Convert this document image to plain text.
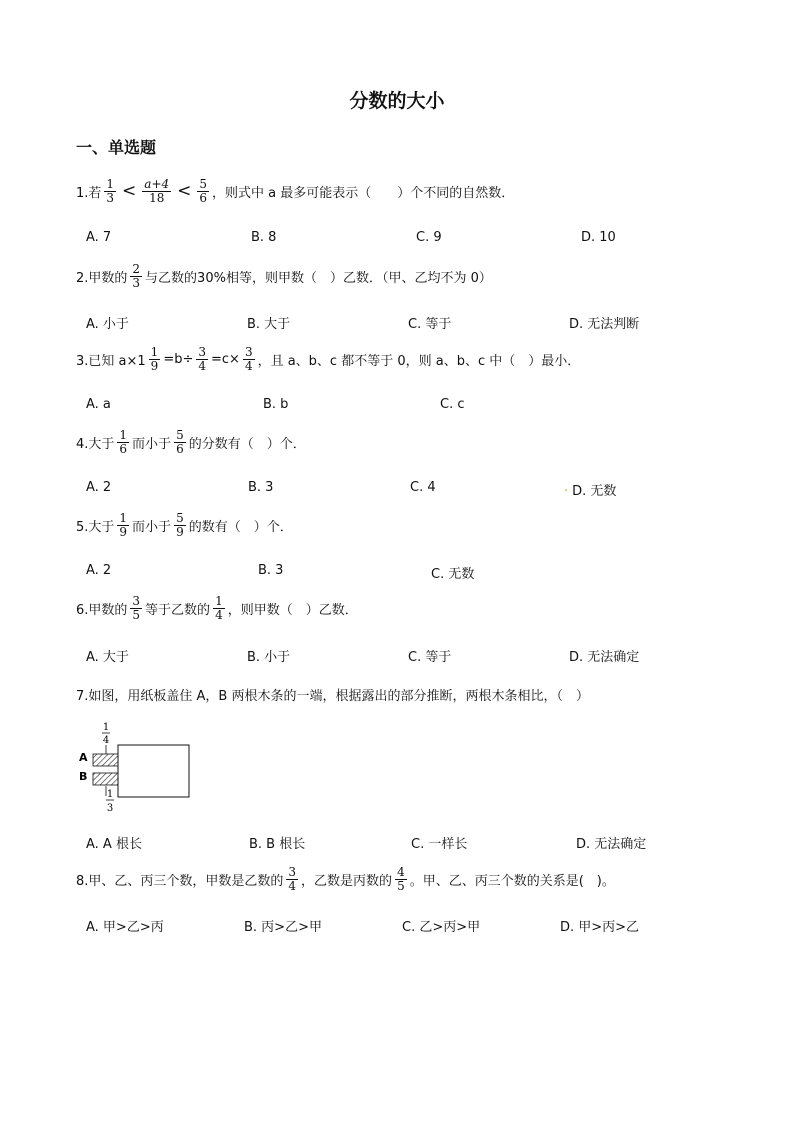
分数的大小
一、单选题
1.若 $\frac{1}{3} < \frac{a+4}{18} < \frac{5}{6}$ ，则式中 a 最多可能表示（　　）个不同的自然数．
A. 7	B. 8	C. 9	D. 10
2.甲数的 $\frac{2}{3}$ 与乙数的30%相等，则甲数（　）乙数．（甲、乙均不为 0）
A. 小于	B. 大于	C. 等于	D. 无法判断
3.已知 $a\times 1 \frac{1}{9} =b\div \frac{3}{4} =c\times \frac{3}{4}$ ，且 a、b、c 都不等于 0，则 a、b、c 中（　）最小．
A. a	B. b	C. c
4.大于 $\frac{1}{6}$ 而小于 $\frac{5}{6}$ 的分数有（　）个．
A. 2	B. 3	C. 4	· D. 无数
5.大于 $\frac{1}{9}$ 而小于 $\frac{5}{9}$ 的数有（　）个．
A. 2	B. 3	C. 无数
6.甲数的 $\frac{3}{5}$ 等于乙数的 $\frac{1}{4}$ ，则甲数（　）乙数．
A. 大于	B. 小于	C. 等于	D. 无法确定
7.如图，用纸板盖住 A，B 两根木条的一端，根据露出的部分推断，两根木条相比，（　）
1
4
A
B
1
3
A. A 根长	B. B 根长	C. 一样长	D. 无法确定
8.甲、乙、丙三个数，甲数是乙数的 $\frac{3}{4}$ ，乙数是丙数的 $\frac{4}{5}$ 。甲、乙、丙三个数的关系是(　)。
A. 甲>乙>丙	B. 丙>乙>甲	C. 乙>丙>甲	D. 甲>丙>乙
